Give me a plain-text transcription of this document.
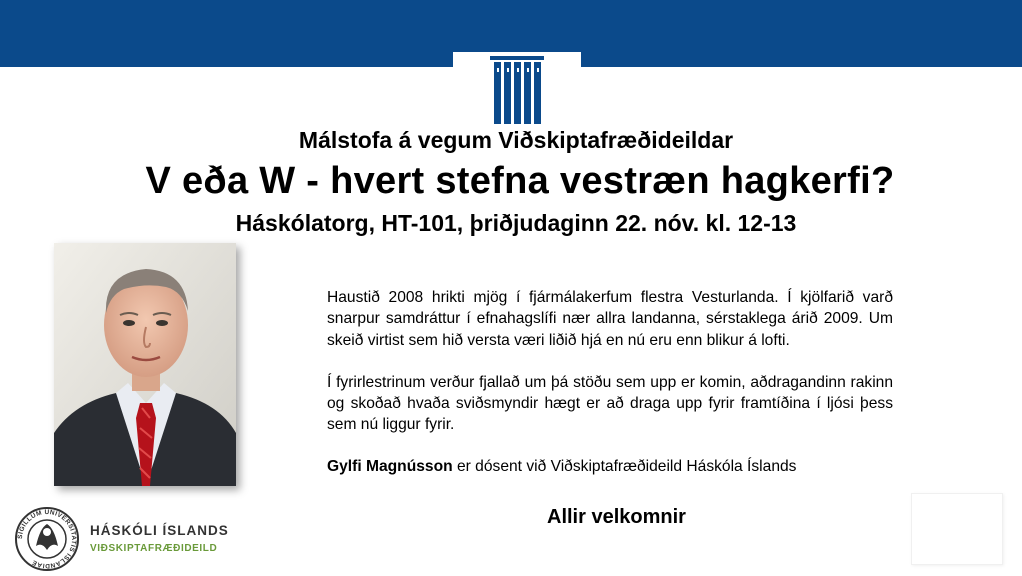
Málstofa á vegum Viðskiptafræðideildar
V eða W - hvert stefna vestræn hagkerfi?
Háskólatorg, HT-101, þriðjudaginn 22. nóv. kl. 12-13

Haustið 2008 hrikti mjög í fjármálakerfum flestra Vesturlanda. Í kjölfarið varð snarpur samdráttur í efnahagslífi nær allra landanna, sérstaklega árið 2009. Um skeið virtist sem hið versta væri liðið hjá en nú eru enn blikur á lofti.

Í fyrirlestrinum verður fjallað um þá stöðu sem upp er komin, aðdragandinn rakinn og skoðað hvaða sviðsmyndir hægt er að draga upp fyrir framtíðina í ljósi þess sem nú liggur fyrir.

Gylfi Magnússon er dósent við Viðskiptafræðideild Háskóla Íslands
Allir velkomnir
SIGILLUM UNIVERSITATIS ISLANDIAE
HÁSKÓLI ÍSLANDS
VIÐSKIPTAFRÆÐIDEILD
